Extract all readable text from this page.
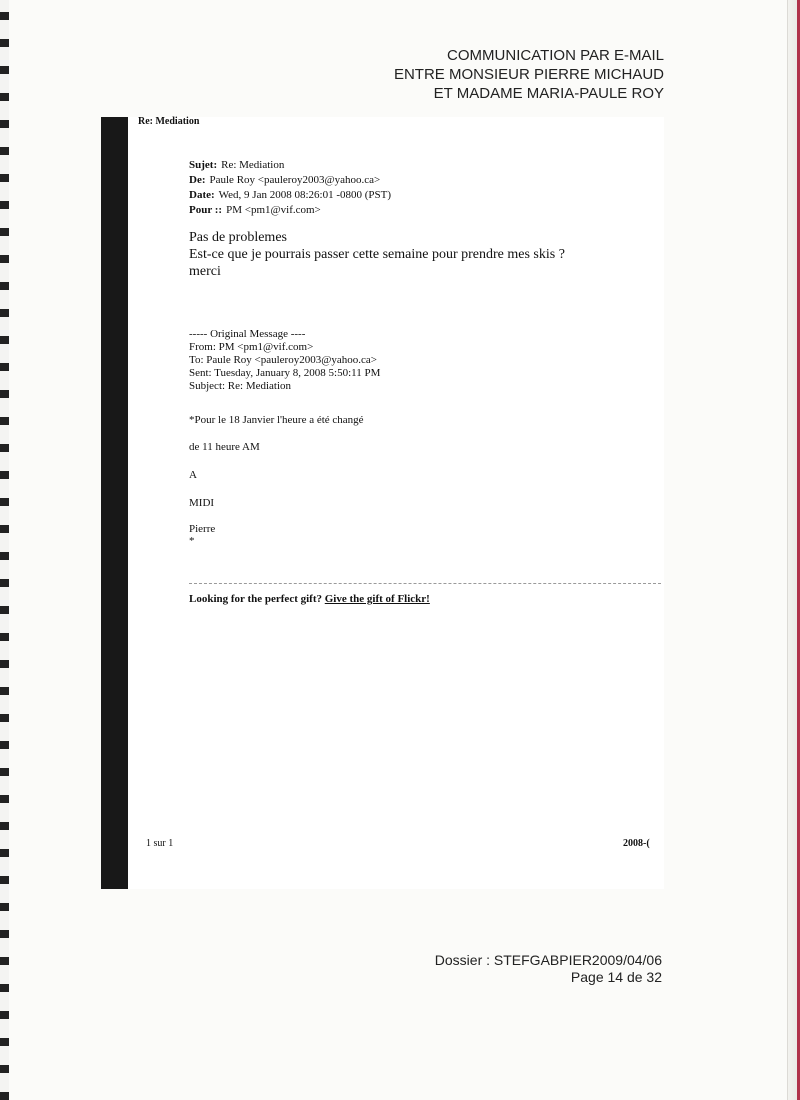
COMMUNICATION PAR E-MAIL
ENTRE MONSIEUR PIERRE MICHAUD
ET MADAME MARIA-PAULE ROY
Re: Mediation
Sujet: Re: Mediation
De: Paule Roy <pauleroy2003@yahoo.ca>
Date: Wed, 9 Jan 2008 08:26:01 -0800 (PST)
Pour :: PM <pm1@vif.com>

Pas de problemes
Est-ce que je pourrais passer cette semaine pour prendre mes skis ?
merci
----- Original Message ----
From: PM <pm1@vif.com>
To: Paule Roy <pauleroy2003@yahoo.ca>
Sent: Tuesday, January 8, 2008 5:50:11 PM
Subject: Re: Mediation
*Pour le 18 Janvier l'heure a été changé
de 11 heure AM
A
MIDI
Pierre
*
Looking for the perfect gift? Give the gift of Flickr!
1 sur 1	2008-(
Dossier : STEFGABPIER2009/04/06
Page 14 de 32
